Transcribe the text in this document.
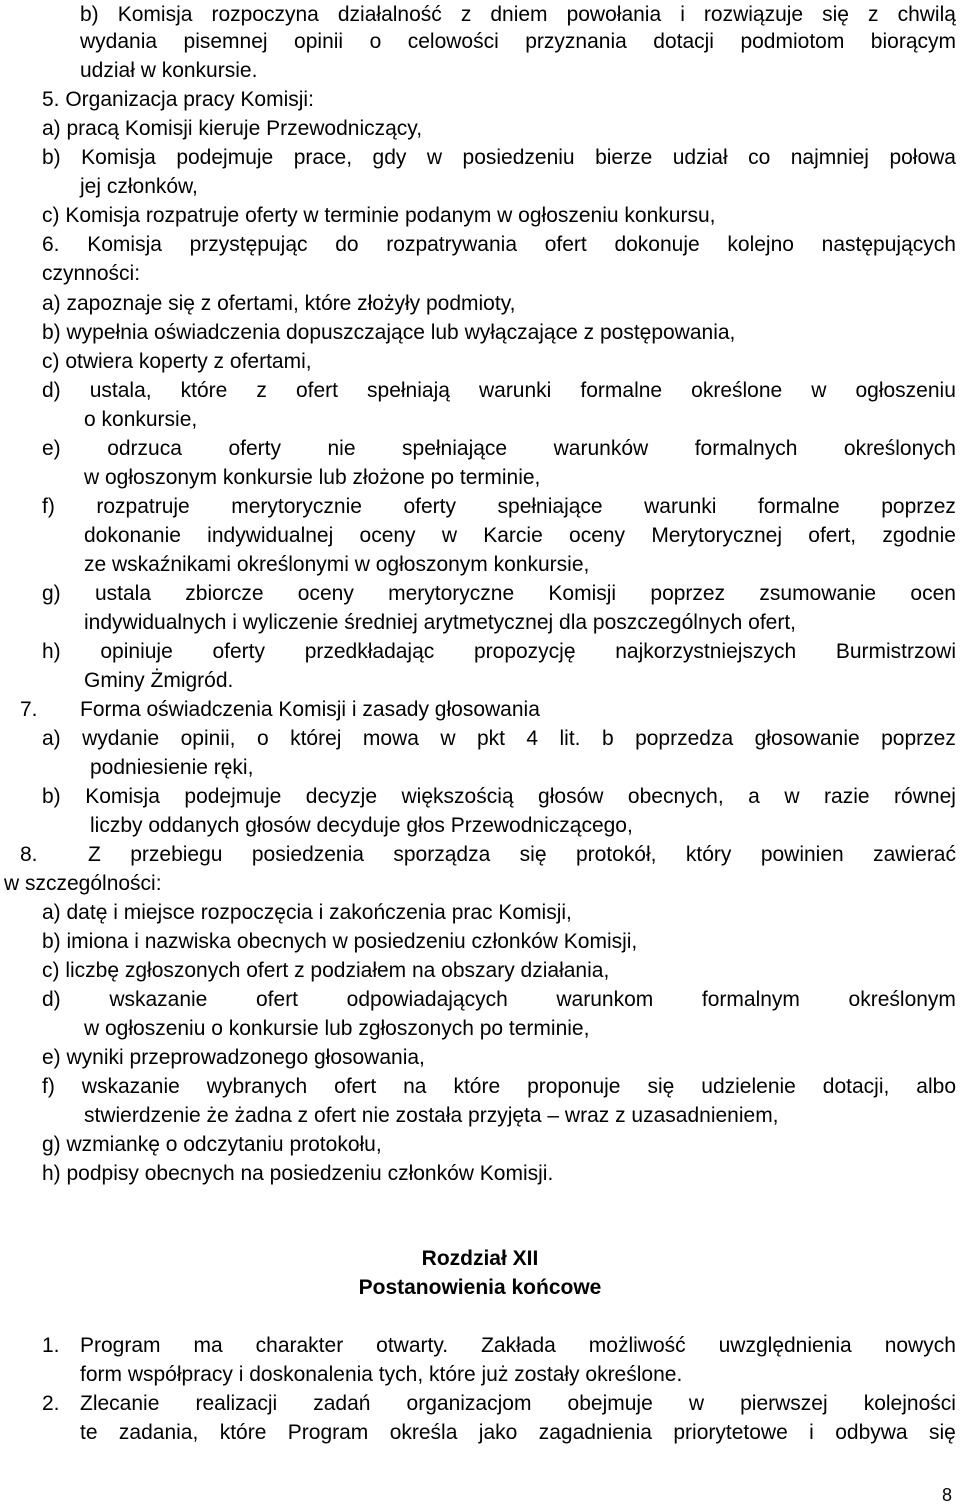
b) Komisja rozpoczyna działalność z dniem powołania i rozwiązuje się z chwilą
wydania pisemnej opinii o celowości przyznania dotacji podmiotom biorącym
udział w konkursie.
5. Organizacja pracy Komisji:
a) pracą Komisji kieruje Przewodniczący,
b) Komisja podejmuje prace, gdy w posiedzeniu bierze udział co najmniej połowa
jej członków,
c) Komisja rozpatruje oferty w terminie podanym w ogłoszeniu konkursu,
6. Komisja przystępując do rozpatrywania ofert dokonuje kolejno następujących
czynności:
a) zapoznaje się z ofertami, które złożyły podmioty,
b) wypełnia oświadczenia dopuszczające lub wyłączające z postępowania,
c) otwiera koperty z ofertami,
d) ustala, które z ofert spełniają warunki formalne określone w ogłoszeniu
o konkursie,
e) odrzuca oferty nie spełniające warunków formalnych określonych
w ogłoszonym konkursie lub złożone po terminie,
f) rozpatruje merytorycznie oferty spełniające warunki formalne poprzez
dokonanie indywidualnej oceny w Karcie oceny Merytorycznej ofert, zgodnie
ze wskaźnikami określonymi w ogłoszonym konkursie,
g) ustala zbiorcze oceny merytoryczne Komisji poprzez zsumowanie ocen
indywidualnych i wyliczenie średniej arytmetycznej dla poszczególnych ofert,
h) opiniuje oferty przedkładając propozycję najkorzystniejszych Burmistrzowi
Gminy Żmigród.
7. Forma oświadczenia Komisji i zasady głosowania
a) wydanie opinii, o której mowa w pkt 4 lit. b poprzedza głosowanie poprzez
podniesienie ręki,
b) Komisja podejmuje decyzje większością głosów obecnych, a w razie równej
liczby oddanych głosów decyduje głos Przewodniczącego,
8. Z przebiegu posiedzenia sporządza się protokół, który powinien zawierać
w szczególności:
a) datę i miejsce rozpoczęcia i zakończenia prac Komisji,
b) imiona i nazwiska obecnych w posiedzeniu członków Komisji,
c) liczbę zgłoszonych ofert z podziałem na obszary działania,
d) wskazanie ofert odpowiadających warunkom formalnym określonym
w ogłoszeniu o konkursie lub zgłoszonych po terminie,
e) wyniki przeprowadzonego głosowania,
f) wskazanie wybranych ofert na które proponuje się udzielenie dotacji, albo
stwierdzenie że żadna z ofert nie została przyjęta – wraz z uzasadnieniem,
g) wzmiankę o odczytaniu protokołu,
h) podpisy obecnych na posiedzeniu członków Komisji.
Rozdział XII
Postanowienia końcowe
1. Program ma charakter otwarty. Zakłada możliwość uwzględnienia nowych
form współpracy i doskonalenia tych, które już zostały określone.
2. Zlecanie realizacji zadań organizacjom obejmuje w pierwszej kolejności
te zadania, które Program określa jako zagadnienia priorytetowe i odbywa się
8
